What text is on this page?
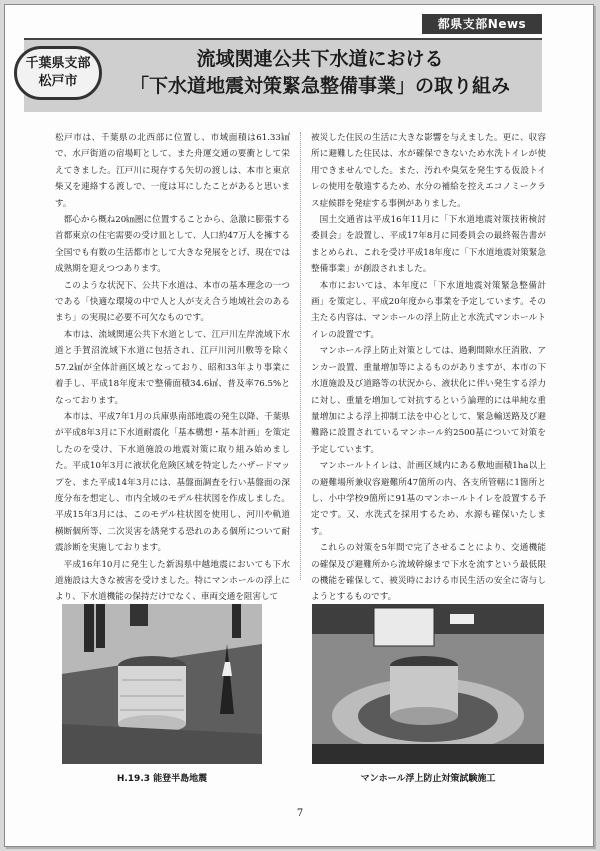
都県支部News
千葉県支部
松戸市
流域関連公共下水道における
「下水道地震対策緊急整備事業」の取り組み

松戸市は、千葉県の北西部に位置し、市域面積は61.33㎢で、水戸街道の宿場町として、また舟運交通の要衝として栄えてきました。江戸川に現存する矢切の渡しは、本市と東京柴又を連絡する渡しで、一度は耳にしたことがあると思います。

都心から概ね20㎞圏に位置することから、急激に膨張する首都東京の住宅需要の受け皿として、人口約47万人を擁する全国でも有数の生活都市として大きな発展をとげ、現在では成熟期を迎えつつあります。

このような状況下、公共下水道は、本市の基本理念の一つである「快適な環境の中で人と人が支え合う地域社会のあるまち」の実現に必要不可欠なものです。

本市は、流域関連公共下水道として、江戸川左岸流域下水道と手賀沼流域下水道に包括され、江戸川河川敷等を除く57.2㎢が全体計画区域となっており、昭和33年より事業に着手し、平成18年度末で整備面積34.6㎢、普及率76.5%となっております。

本市は、平成7年1月の兵庫県南部地震の発生以降、千葉県が平成8年3月に下水道耐震化「基本構想・基本計画」を策定したのを受け、下水道施設の地震対策に取り組み始めました。平成10年3月に液状化危険区域を特定したハザードマップを、また平成14年3月には、基盤面調査を行い基盤面の深度分布を想定し、市内全域のモデル柱状図を作成しました。平成15年3月には、このモデル柱状図を使用し、河川や軌道横断個所等、二次災害を誘発する恐れのある個所について耐震診断を実施しております。

平成16年10月に発生した新潟県中越地震においても下水道施設は大きな被害を受けました。特にマンホールの浮上により、下水道機能の保持だけでなく、車両交通を阻害して

被災した住民の生活に大きな影響を与えました。更に、収容所に避難した住民は、水が確保できないため水洗トイレが使用できませんでした。また、汚れや臭気を発生する仮設トイレの使用を敬遠するため、水分の補給を控えエコノミークラス症候群を発症する事例がありました。

国土交通省は平成16年11月に「下水道地震対策技術検討委員会」を設置し、平成17年8月に同委員会の最終報告書がまとめられ、これを受け平成18年度に「下水道地震対策緊急整備事業」が創設されました。

本市においては、本年度に「下水道地震対策緊急整備計画」を策定し、平成20年度から事業を予定しています。その主たる内容は、マンホールの浮上防止と水洗式マンホールトイレの設置です。

マンホール浮上防止対策としては、過剰間隙水圧消散、アンカー設置、重量増加等によるものがありますが、本市の下水道施設及び道路等の状況から、液状化に伴い発生する浮力に対し、重量を増加して対抗するという論理的には単純な重量増加による浮上抑制工法を中心として、緊急輸送路及び避難路に設置されているマンホール約2500基について対策を予定しています。

マンホールトイレは、計画区域内にある敷地面積1ha以上の避難場所兼収容避難所47箇所の内、各支所管轄に1箇所とし、小中学校9箇所に91基のマンホールトイレを設置する予定です。又、水洗式を採用するため、水源も確保いたします。

これらの対策を5年間で完了させることにより、交通機能の確保及び避難所から流域幹線まで下水を流すという最低限の機能を確保して、被災時における市民生活の安全に寄与しようとするものです。

H.19.3 能登半島地震	マンホール浮上防止対策試験施工
7
